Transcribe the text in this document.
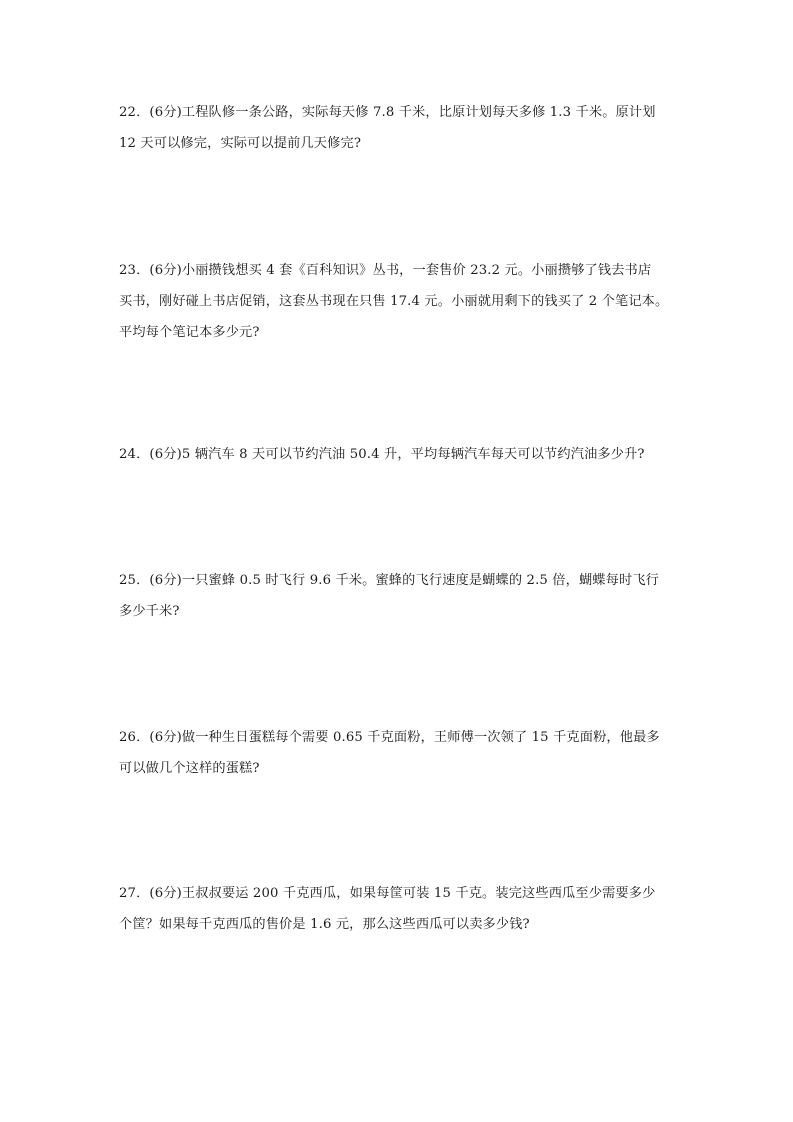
22．(6分)工程队修一条公路，实际每天修 7.8 千米，比原计划每天多修 1.3 千米。原计划
12 天可以修完，实际可以提前几天修完?
23．(6分)小丽攒钱想买 4 套《百科知识》丛书，一套售价 23.2 元。小丽攒够了钱去书店
买书，刚好碰上书店促销，这套丛书现在只售 17.4 元。小丽就用剩下的钱买了 2 个笔记本。
平均每个笔记本多少元?
24．(6分)5 辆汽车 8 天可以节约汽油 50.4 升，平均每辆汽车每天可以节约汽油多少升?
25．(6分)一只蜜蜂 0.5 时飞行 9.6 千米。蜜蜂的飞行速度是蝴蝶的 2.5 倍，蝴蝶每时飞行
多少千米?
26．(6分)做一种生日蛋糕每个需要 0.65 千克面粉，王师傅一次领了 15 千克面粉，他最多
可以做几个这样的蛋糕?
27．(6分)王叔叔要运 200 千克西瓜，如果每筐可装 15 千克。装完这些西瓜至少需要多少
个筐？如果每千克西瓜的售价是 1.6 元，那么这些西瓜可以卖多少钱?
